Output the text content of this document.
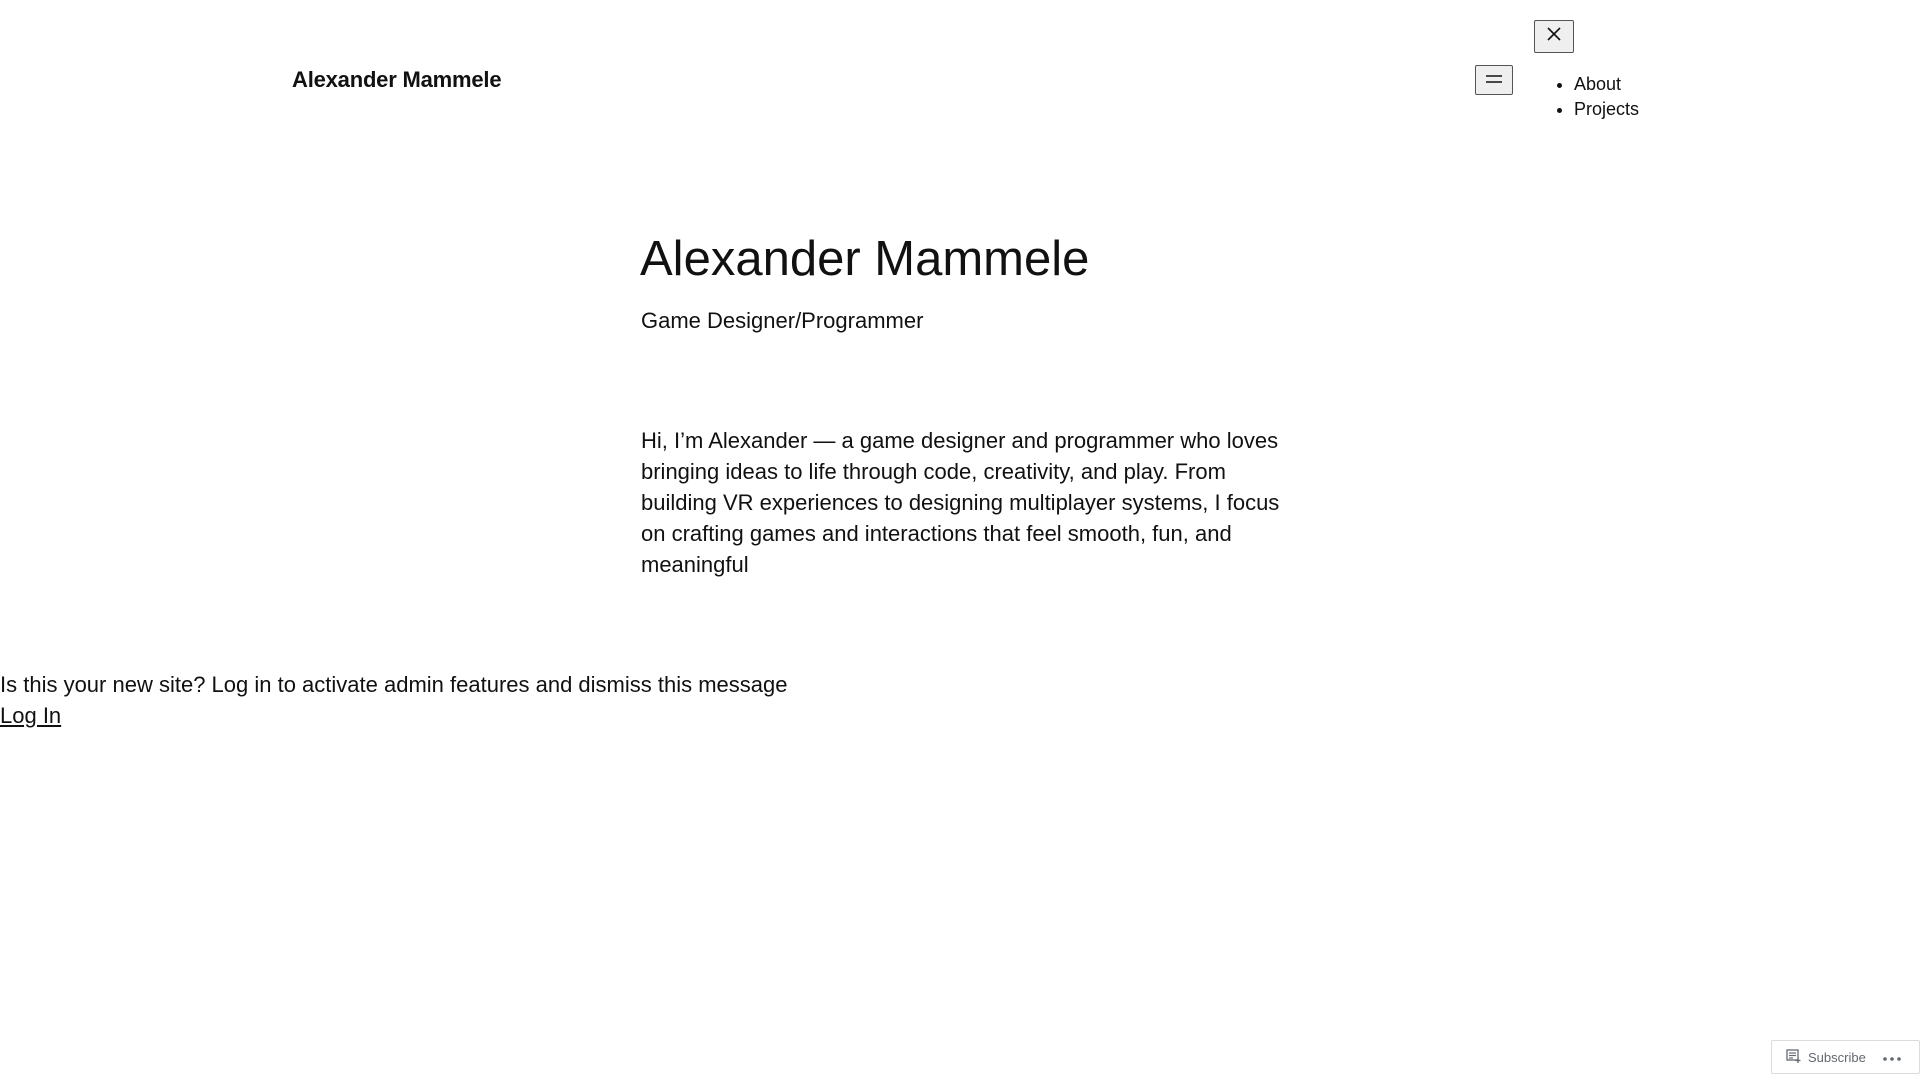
Alexander Mammele
•	About
• Projects
Alexander Mammele

Game Designer/Programmer

Hi, I’m Alexander — a game designer and programmer who loves bringing ideas to life through code, creativity, and play. From building VR experiences to designing multiplayer systems, I focus on crafting games and interactions that feel smooth, fun, and meaningful

Is this your new site? Log in to activate admin features and dismiss this message
Log In
Subscribe
